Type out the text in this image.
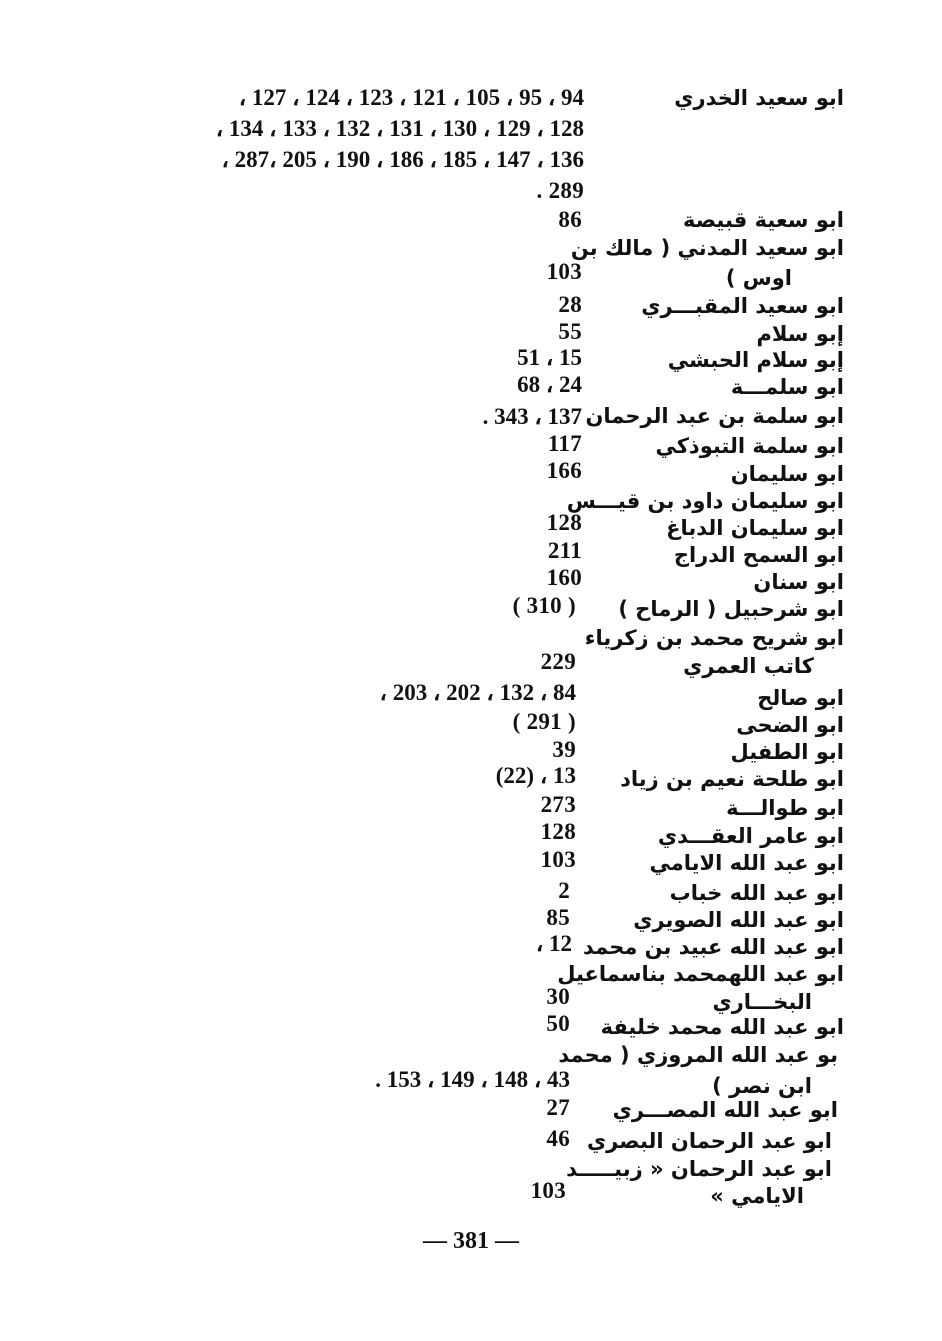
ابو سعيد الخدري
94 ، 95 ، 105 ، 121 ، 123 ، 124 ، 127 ،
128 ، 129 ، 130 ، 131 ، 132 ، 133 ، 134 ،
136 ، 147 ، 185 ، 186 ، 190 ، 205 ،287 ،
289 .
ابو سعية قبيصة
86
ابو سعيد المدني ( مالك بن
اوس )
103
ابو سعيد المقبـــري
28
إبو سلام
55
إبو سلام الحبشي
15 ، 51
ابو سلمـــة
24 ، 68
ابو سلمة بن عبد الرحمان
137 ، 343 .
ابو سلمة التبوذكي
117
ابو سليمان
166
ابو سليمان داود بن قيـــس
ابو سليمان الدباغ
128
ابو السمح الدراج
211
ابو سنان
160
ابو شرحبيل ( الرماح )
( 310 )
ابو شريح محمد بن زكرياء
كاتب العمري
229
ابو صالح
84 ، 132 ، 202 ، 203 ،
ابو الضحى
( 291 )
ابو الطفيل
39
ابو طلحة نعيم بن زياد
13 ، (22)
ابو طوالـــة
273
ابو عامر العقـــدي
128
ابو عبد الله الايامي
103
ابو عبد الله خباب
2
ابو عبد الله الصويري
85
ابو عبد الله عبيد بن محمد
12 ،
ابو عبد اللهمحمد بناسماعيل
البخـــاري
30
ابو عبد الله محمد خليفة
50
بو عبد الله المروزي ( محمد
ابن نصر )
43 ، 148 ، 149 ، 153 .
ابو عبد الله المصـــري
27
ابو عبد الرحمان البصري
46
ابو عبد الرحمان « زبيـــــد
الايامي »
103
— 381 —
